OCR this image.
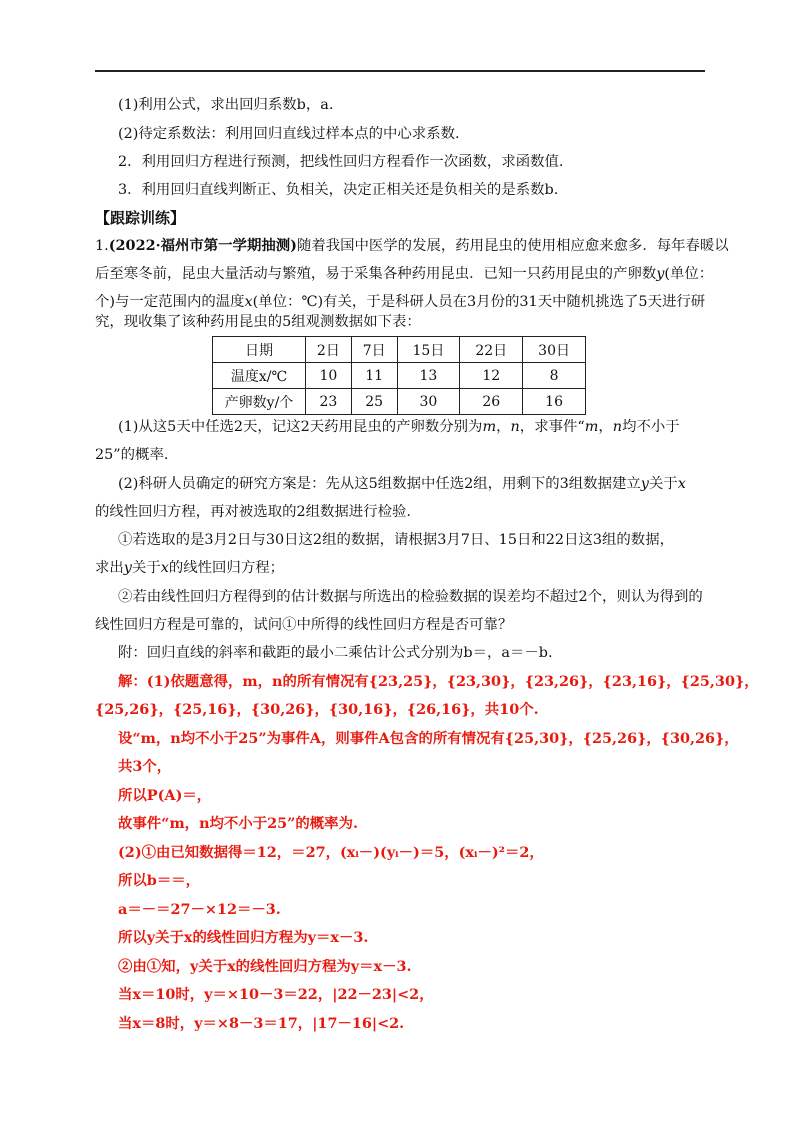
(1)利用公式，求出回归系数b，a.
(2)待定系数法：利用回归直线过样本点的中心求系数.
2．利用回归方程进行预测，把线性回归方程看作一次函数，求函数值.
3．利用回归直线判断正、负相关，决定正相关还是负相关的是系数b.
【跟踪训练】
1.(2022·福州市第一学期抽测)随着我国中医学的发展，药用昆虫的使用相应愈来愈多．每年春暖以
后至寒冬前，昆虫大量活动与繁殖，易于采集各种药用昆虫．已知一只药用昆虫的产卵数y(单位：
个)与一定范围内的温度x(单位：℃)有关，于是科研人员在3月份的31天中随机挑选了5天进行研
究，现收集了该种药用昆虫的5组观测数据如下表：
日期	2日	7日	15日	22日	30日
温度x/℃	10	11	13	12	8
产卵数y/个	23	25	30	26	16
(1)从这5天中任选2天，记这2天药用昆虫的产卵数分别为m，n，求事件“m，n均不小于
25”的概率.
(2)科研人员确定的研究方案是：先从这5组数据中任选2组，用剩下的3组数据建立y关于x
的线性回归方程，再对被选取的2组数据进行检验.
①若选取的是3月2日与30日这2组的数据，请根据3月7日、15日和22日这3组的数据，
求出y关于x的线性回归方程；
②若由线性回归方程得到的估计数据与所选出的检验数据的误差均不超过2个，则认为得到的
线性回归方程是可靠的，试问①中所得的线性回归方程是否可靠？
附：回归直线的斜率和截距的最小二乘估计公式分别为b＝，a＝－b.
解：(1)依题意得，m，n的所有情况有{23,25}，{23,30}，{23,26}，{23,16}，{25,30}，
{25,26}，{25,16}，{30,26}，{30,16}，{26,16}，共10个.
设“m，n均不小于25”为事件A，则事件A包含的所有情况有{25,30}，{25,26}，{30,26}，
共3个，
所以P(A)＝，
故事件“m，n均不小于25”的概率为.
(2)①由已知数据得＝12，＝27，(xᵢ－)(yᵢ－)＝5，(xᵢ－)²＝2，
所以b＝＝，
a＝－＝27－×12＝－3.
所以y关于x的线性回归方程为y＝x－3.
②由①知，y关于x的线性回归方程为y＝x－3.
当x＝10时，y＝×10－3＝22，|22－23|<2，
当x＝8时，y＝×8－3＝17，|17－16|<2.
